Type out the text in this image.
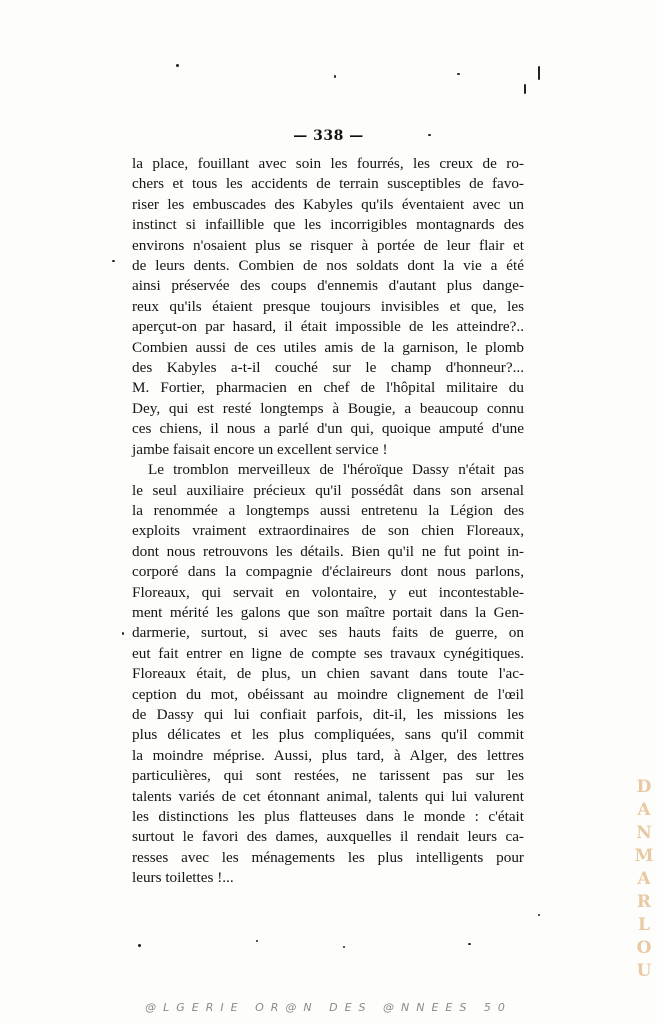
— 338 —
la place, fouillant avec soin les fourrés, les creux de ro-
chers et tous les accidents de terrain susceptibles de favo-
riser les embuscades des Kabyles qu'ils éventaient avec un
instinct si infaillible que les incorrigibles montagnards des
environs n'osaient plus se risquer à portée de leur flair et
de leurs dents. Combien de nos soldats dont la vie a été
ainsi préservée des coups d'ennemis d'autant plus dange-
reux qu'ils étaient presque toujours invisibles et que, les
aperçut-on par hasard, il était impossible de les atteindre?..
Combien aussi de ces utiles amis de la garnison, le plomb
des Kabyles a-t-il couché sur le champ d'honneur?...
M. Fortier, pharmacien en chef de l'hôpital militaire du
Dey, qui est resté longtemps à Bougie, a beaucoup connu
ces chiens, il nous a parlé d'un qui, quoique amputé d'une
jambe faisait encore un excellent service !
Le tromblon merveilleux de l'héroïque Dassy n'était pas
le seul auxiliaire précieux qu'il possédât dans son arsenal
la renommée a longtemps aussi entretenu la Légion des
exploits vraiment extraordinaires de son chien Floreaux,
dont nous retrouvons les détails. Bien qu'il ne fut point in-
corporé dans la compagnie d'éclaireurs dont nous parlons,
Floreaux, qui servait en volontaire, y eut incontestable-
ment mérité les galons que son maître portait dans la Gen-
darmerie, surtout, si avec ses hauts faits de guerre, on
eut fait entrer en ligne de compte ses travaux cynégitiques.
Floreaux était, de plus, un chien savant dans toute l'ac-
ception du mot, obéissant au moindre clignement de l'œil
de Dassy qui lui confiait parfois, dit-il, les missions les
plus délicates et les plus compliquées, sans qu'il commit
la moindre méprise. Aussi, plus tard, à Alger, des lettres
particulières, qui sont restées, ne tarissent pas sur les
talents variés de cet étonnant animal, talents qui lui valurent
les distinctions les plus flatteuses dans le monde : c'était
surtout le favori des dames, auxquelles il rendait leurs ca-
resses avec les ménagements les plus intelligents pour
leurs toilettes !...
D
A
N
M
A
R
L
O
U
@LGERIE OR@N DES @NNEES 50
